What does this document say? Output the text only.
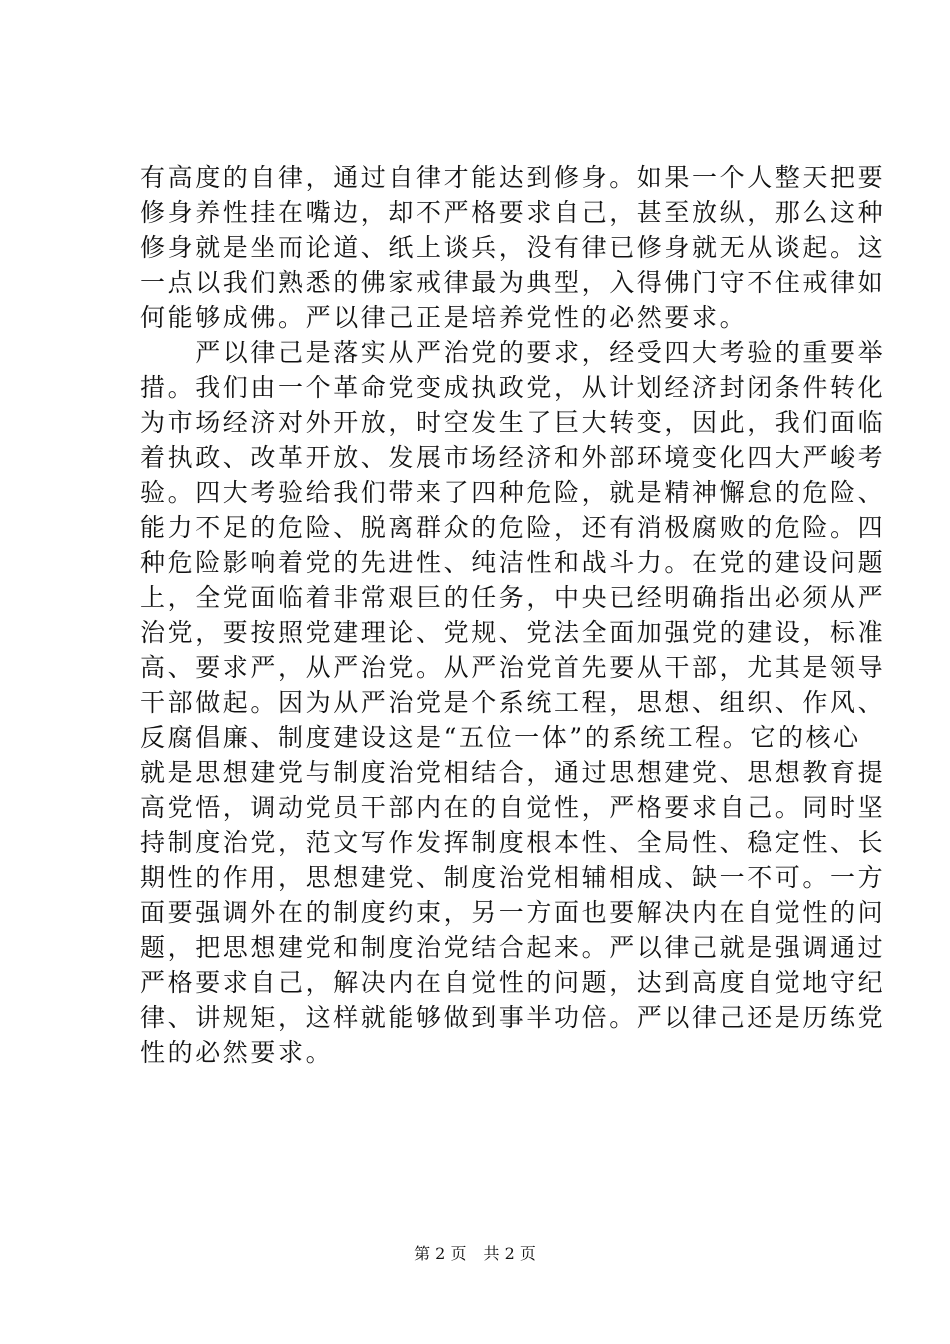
有高度的自律，通过自律才能达到修身。如果一个人整天把要
修身养性挂在嘴边，却不严格要求自己，甚至放纵，那么这种
修身就是坐而论道、纸上谈兵，没有律已修身就无从谈起。这
一点以我们熟悉的佛家戒律最为典型，入得佛门守不住戒律如
何能够成佛。严以律己正是培养党性的必然要求。
　　严以律己是落实从严治党的要求，经受四大考验的重要举
措。我们由一个革命党变成执政党，从计划经济封闭条件转化
为市场经济对外开放，时空发生了巨大转变，因此，我们面临
着执政、改革开放、发展市场经济和外部环境变化四大严峻考
验。四大考验给我们带来了四种危险，就是精神懈怠的危险、
能力不足的危险、脱离群众的危险，还有消极腐败的危险。四
种危险影响着党的先进性、纯洁性和战斗力。在党的建设问题
上，全党面临着非常艰巨的任务，中央已经明确指出必须从严
治党，要按照党建理论、党规、党法全面加强党的建设，标准
高、要求严，从严治党。从严治党首先要从干部，尤其是领导
干部做起。因为从严治党是个系统工程，思想、组织、作风、
反腐倡廉、制度建设这是“五位一体”的系统工程。它的核心
就是思想建党与制度治党相结合，通过思想建党、思想教育提
高党悟，调动党员干部内在的自觉性，严格要求自己。同时坚
持制度治党，范文写作发挥制度根本性、全局性、稳定性、长
期性的作用，思想建党、制度治党相辅相成、缺一不可。一方
面要强调外在的制度约束，另一方面也要解决内在自觉性的问
题，把思想建党和制度治党结合起来。严以律己就是强调通过
严格要求自己，解决内在自觉性的问题，达到高度自觉地守纪
律、讲规矩，这样就能够做到事半功倍。严以律己还是历练党
性的必然要求。
第 2 页 共 2 页
